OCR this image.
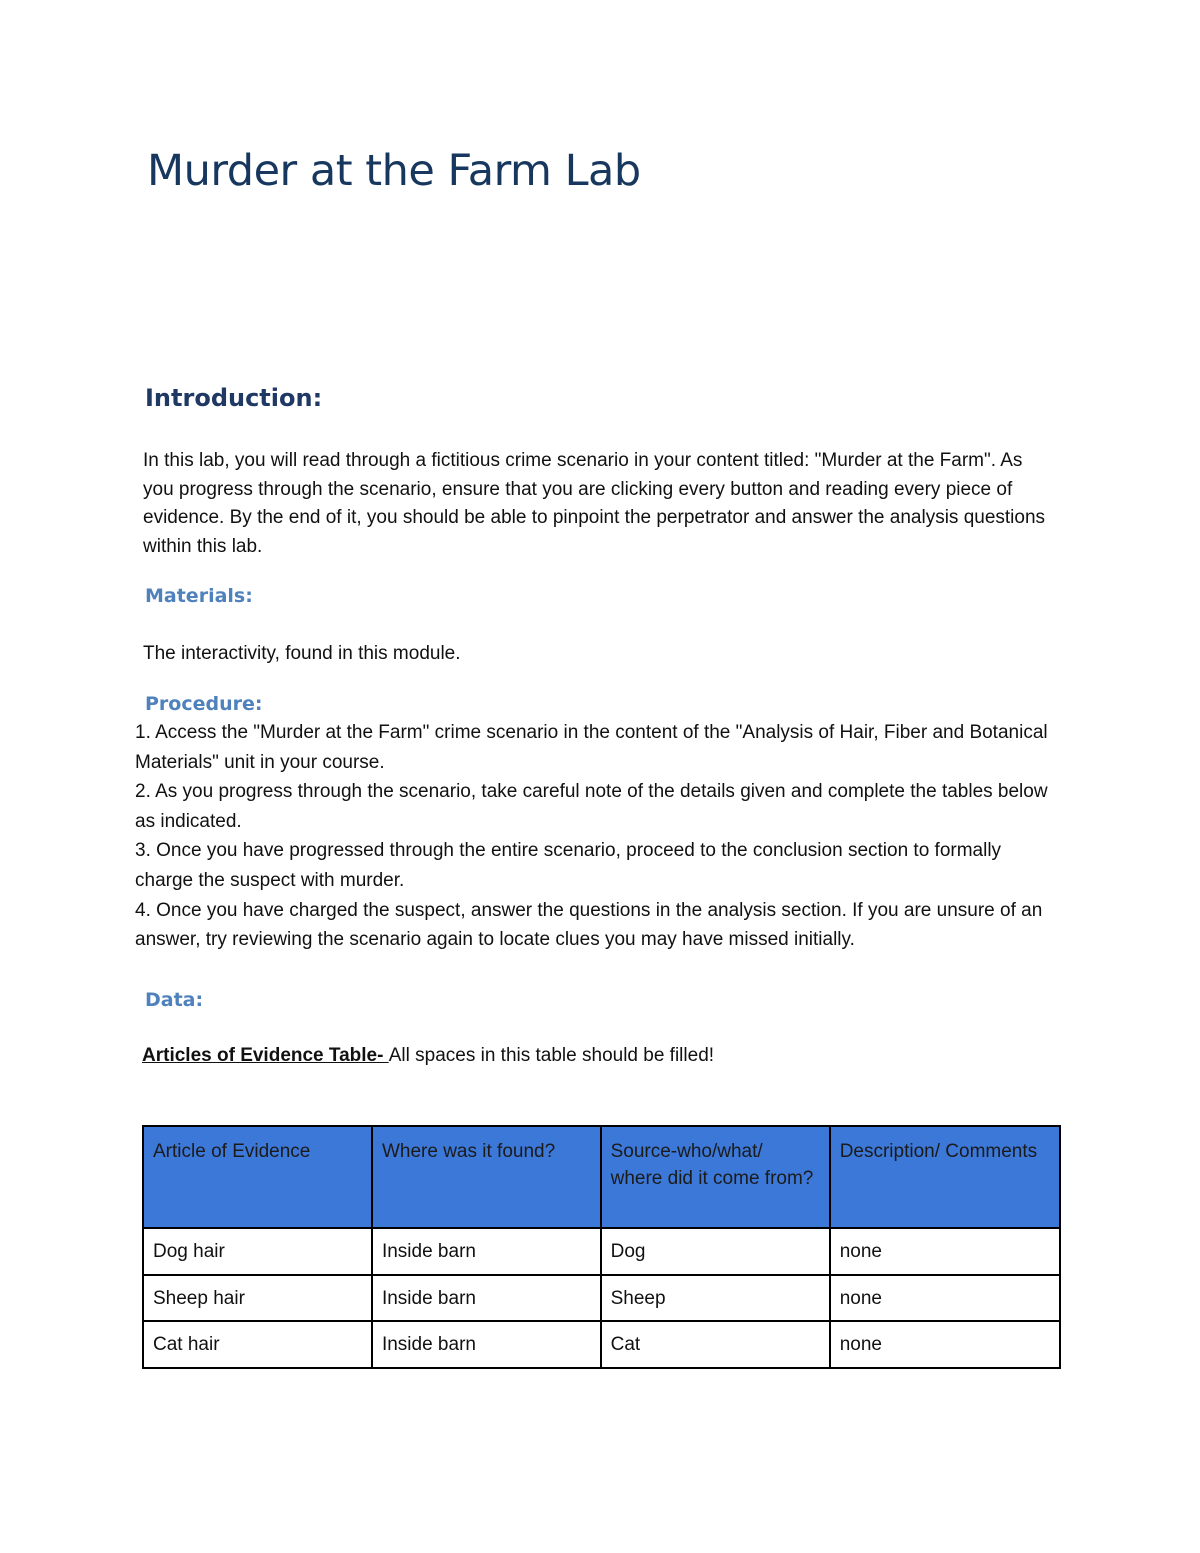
Murder at the Farm Lab
Introduction:

In this lab, you will read through a fictitious crime scenario in your content titled: "Murder at the Farm". As you progress through the scenario, ensure that you are clicking every button and reading every piece of evidence. By the end of it, you should be able to pinpoint the perpetrator and answer the analysis questions within this lab.

Materials:

The interactivity, found in this module.

Procedure:

1. Access the "Murder at the Farm" crime scenario in the content of the "Analysis of Hair, Fiber and Botanical Materials" unit in your course.

2. As you progress through the scenario, take careful note of the details given and complete the tables below as indicated.

3. Once you have progressed through the entire scenario, proceed to the conclusion section to formally charge the suspect with murder.

4. Once you have charged the suspect, answer the questions in the analysis section. If you are unsure of an answer, try reviewing the scenario again to locate clues you may have missed initially.

Data:
Articles of Evidence Table- All spaces in this table should be filled!
Article of Evidence	Where was it found?	Source-who/what/ where did it come from?	Description/ Comments
Dog hair	Inside barn	Dog	none
Sheep hair	Inside barn	Sheep	none
Cat hair	Inside barn	Cat	none
